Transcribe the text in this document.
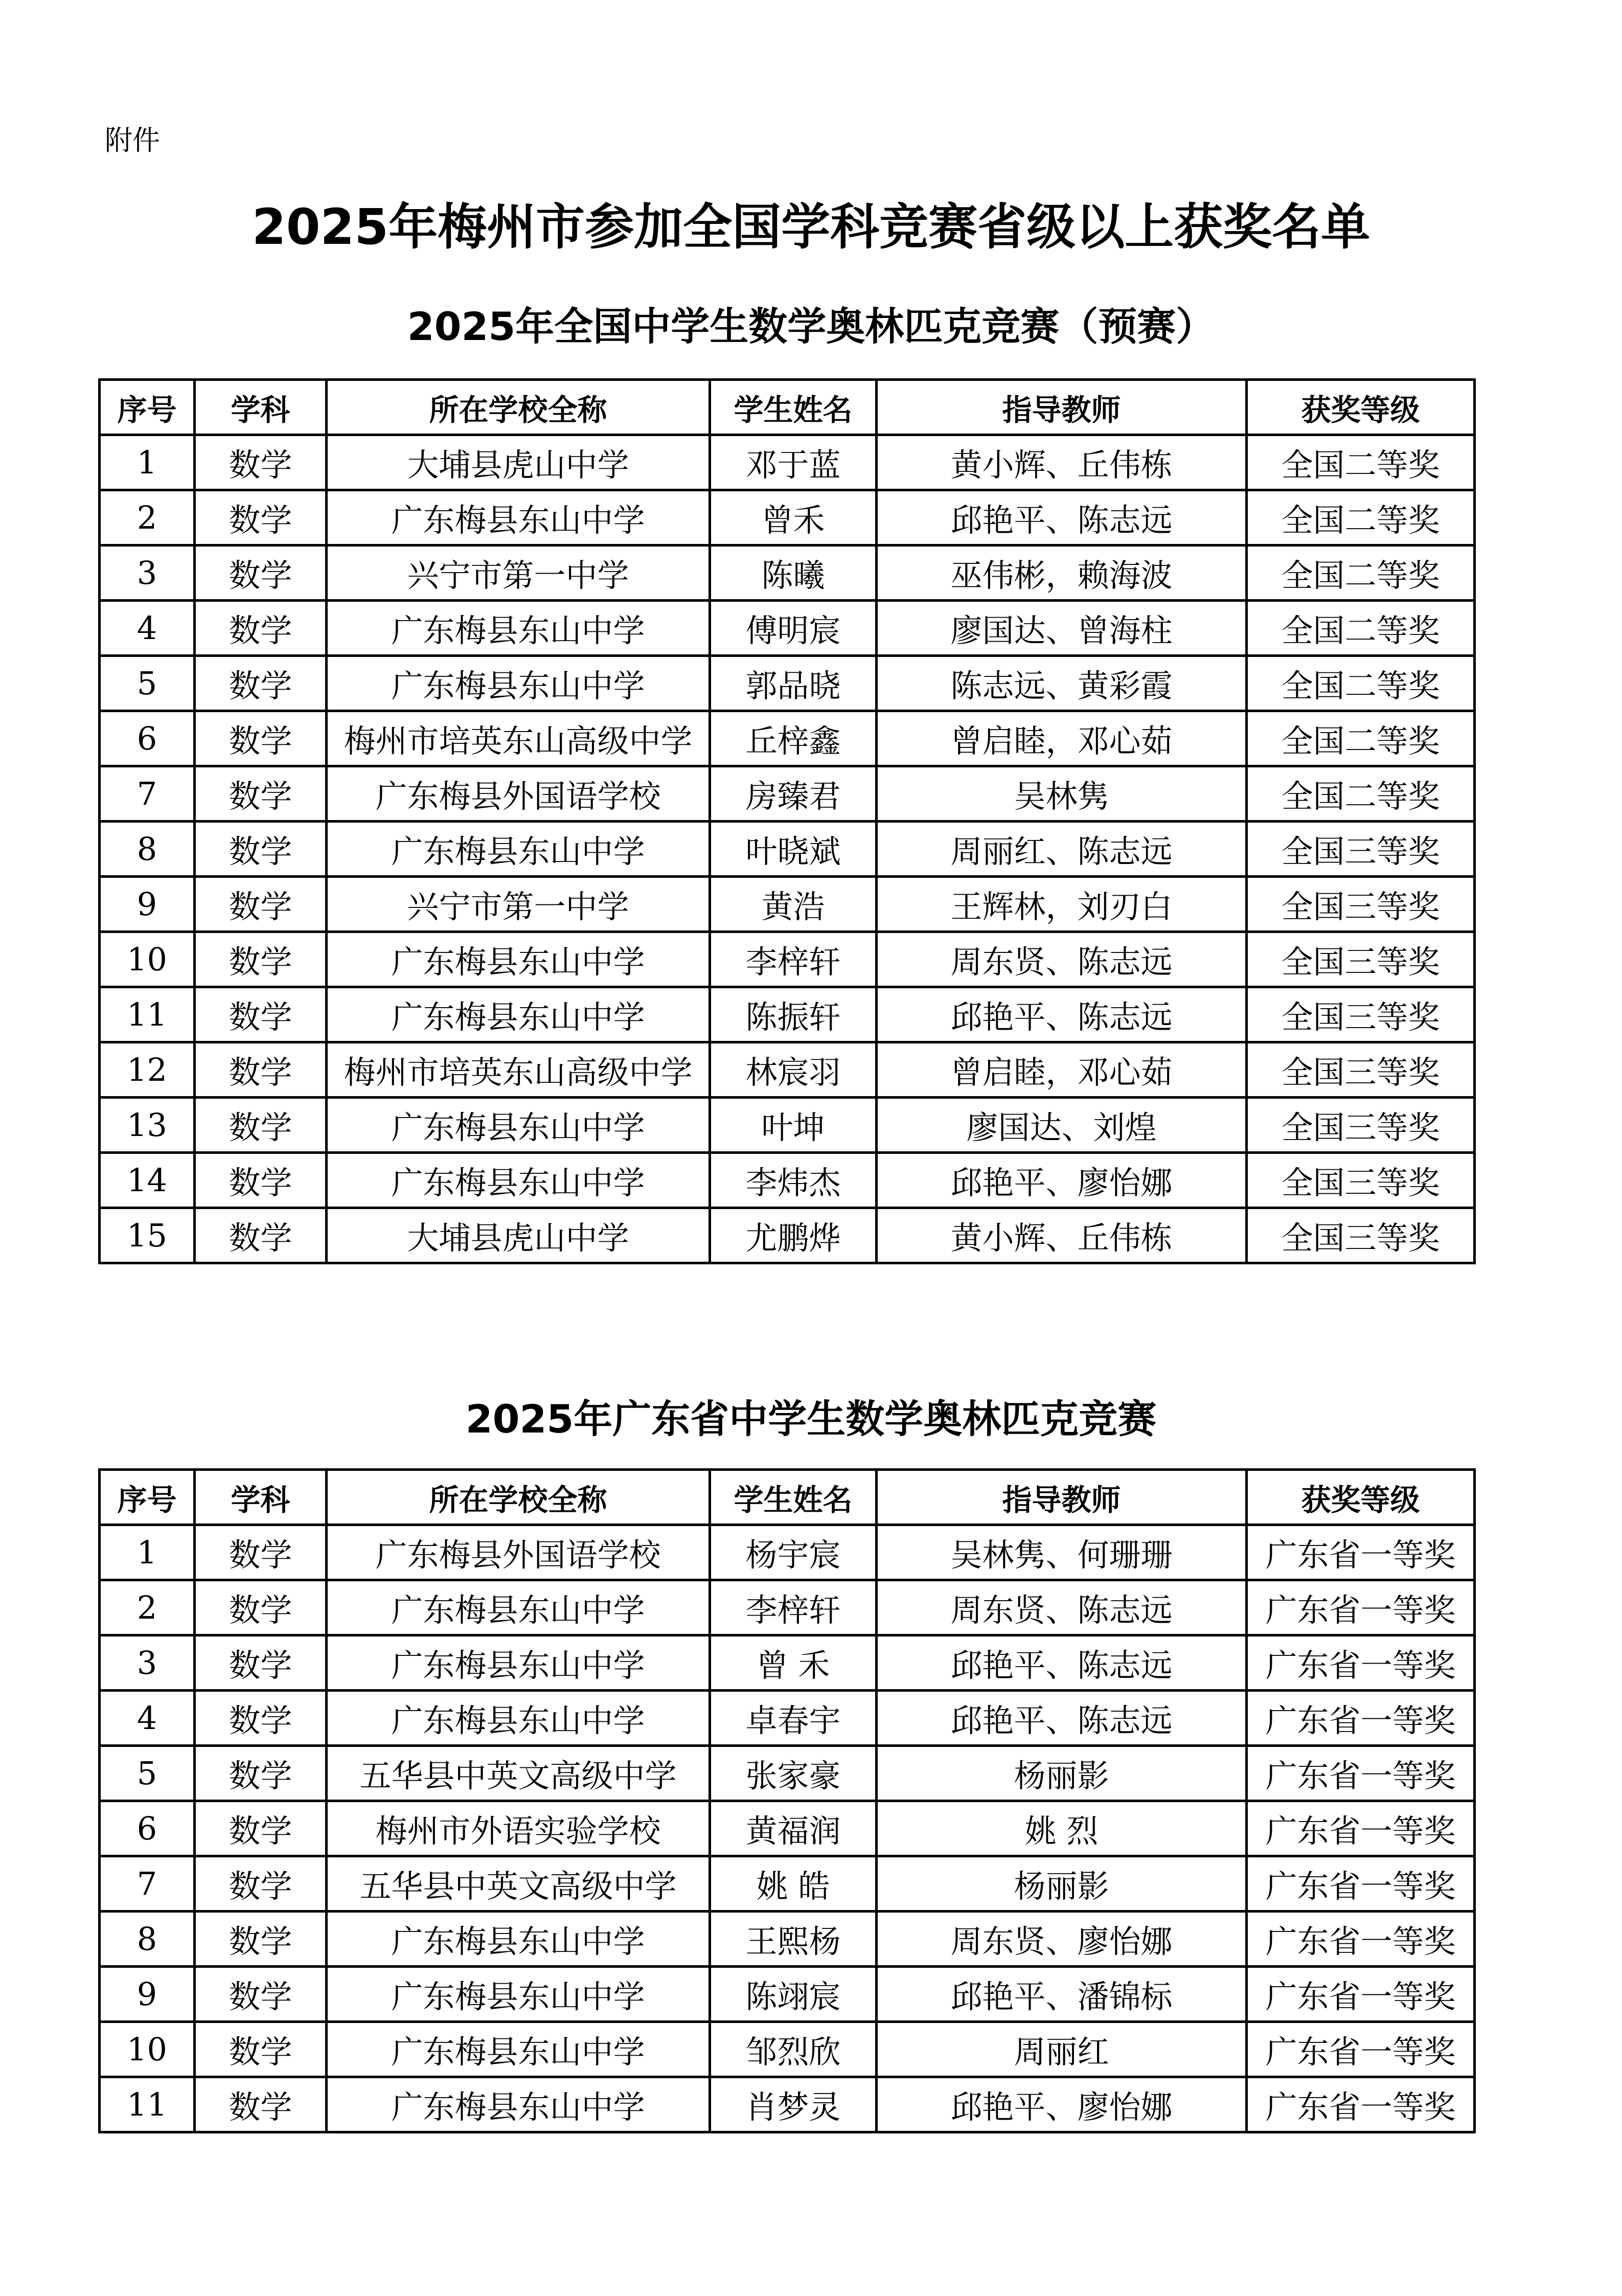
附件
2025年梅州市参加全国学科竞赛省级以上获奖名单
2025年全国中学生数学奥林匹克竞赛（预赛）
序号	学科	所在学校全称	学生姓名	指导教师	获奖等级
1	数学	大埔县虎山中学	邓于蓝	黄小辉、丘伟栋	全国二等奖
2	数学	广东梅县东山中学	曾禾	邱艳平、陈志远	全国二等奖
3	数学	兴宁市第一中学	陈曦	巫伟彬，赖海波	全国二等奖
4	数学	广东梅县东山中学	傅明宸	廖国达、曾海柱	全国二等奖
5	数学	广东梅县东山中学	郭品晓	陈志远、黄彩霞	全国二等奖
6	数学	梅州市培英东山高级中学	丘梓鑫	曾启睦，邓心茹	全国二等奖
7	数学	广东梅县外国语学校	房臻君	吴林隽	全国二等奖
8	数学	广东梅县东山中学	叶晓斌	周丽红、陈志远	全国三等奖
9	数学	兴宁市第一中学	黄浩	王辉林，刘刃白	全国三等奖
10	数学	广东梅县东山中学	李梓轩	周东贤、陈志远	全国三等奖
11	数学	广东梅县东山中学	陈振轩	邱艳平、陈志远	全国三等奖
12	数学	梅州市培英东山高级中学	林宸羽	曾启睦，邓心茹	全国三等奖
13	数学	广东梅县东山中学	叶坤	廖国达、刘煌	全国三等奖
14	数学	广东梅县东山中学	李炜杰	邱艳平、廖怡娜	全国三等奖
15	数学	大埔县虎山中学	尤鹏烨	黄小辉、丘伟栋	全国三等奖
2025年广东省中学生数学奥林匹克竞赛
序号	学科	所在学校全称	学生姓名	指导教师	获奖等级
1	数学	广东梅县外国语学校	杨宇宸	吴林隽、何珊珊	广东省一等奖
2	数学	广东梅县东山中学	李梓轩	周东贤、陈志远	广东省一等奖
3	数学	广东梅县东山中学	曾 禾	邱艳平、陈志远	广东省一等奖
4	数学	广东梅县东山中学	卓春宇	邱艳平、陈志远	广东省一等奖
5	数学	五华县中英文高级中学	张家豪	杨丽影	广东省一等奖
6	数学	梅州市外语实验学校	黄福润	姚 烈	广东省一等奖
7	数学	五华县中英文高级中学	姚 皓	杨丽影	广东省一等奖
8	数学	广东梅县东山中学	王熙杨	周东贤、廖怡娜	广东省一等奖
9	数学	广东梅县东山中学	陈翊宸	邱艳平、潘锦标	广东省一等奖
10	数学	广东梅县东山中学	邹烈欣	周丽红	广东省一等奖
11	数学	广东梅县东山中学	肖梦灵	邱艳平、廖怡娜	广东省一等奖
